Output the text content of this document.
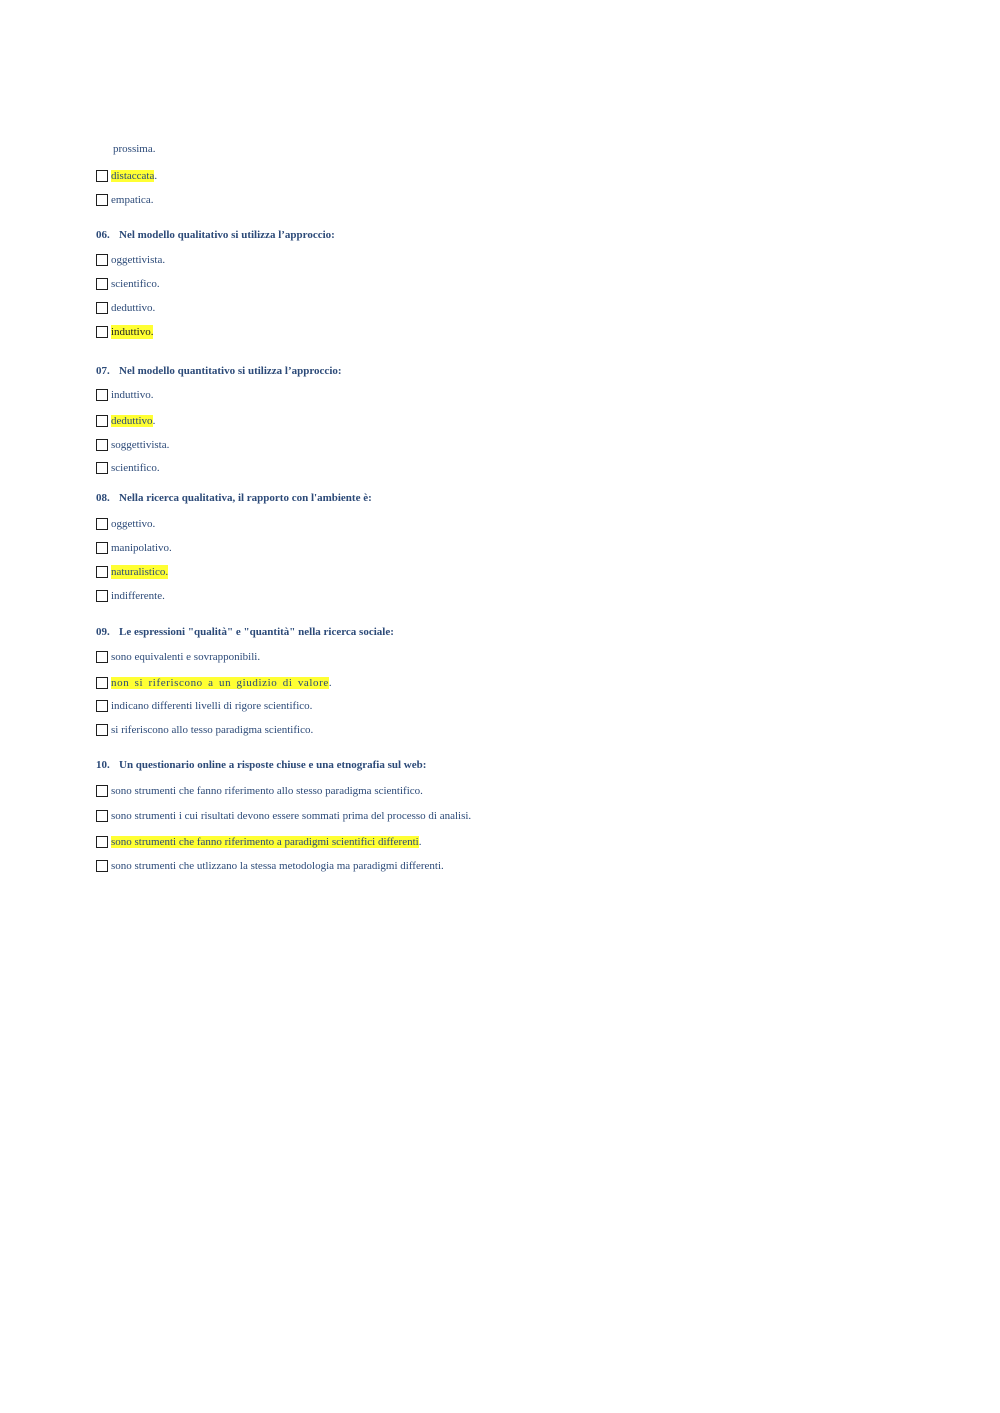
prossima.
distaccata.
empatica.
06. Nel modello qualitativo si utilizza l’approccio:
oggettivista.
scientifico.
deduttivo.
induttivo.
07. Nel modello quantitativo si utilizza l’approccio:
induttivo.
deduttivo.
soggettivista.
scientifico.
08. Nella ricerca qualitativa, il rapporto con l'ambiente è:
oggettivo.
manipolativo.
naturalistico.
indifferente.
09. Le espressioni "qualità" e "quantità" nella ricerca sociale:
sono equivalenti e sovrapponibili.
non si riferiscono a un giudizio di valore.
indicano differenti livelli di rigore scientifico.
si riferiscono allo tesso paradigma scientifico.
10. Un questionario online a risposte chiuse e una etnografia sul web:
sono strumenti che fanno riferimento allo stesso paradigma scientifico.
sono strumenti i cui risultati devono essere sommati prima del processo di analisi.
sono strumenti che fanno riferimento a paradigmi scientifici differenti.
sono strumenti che utlizzano la stessa metodologia ma paradigmi differenti.
